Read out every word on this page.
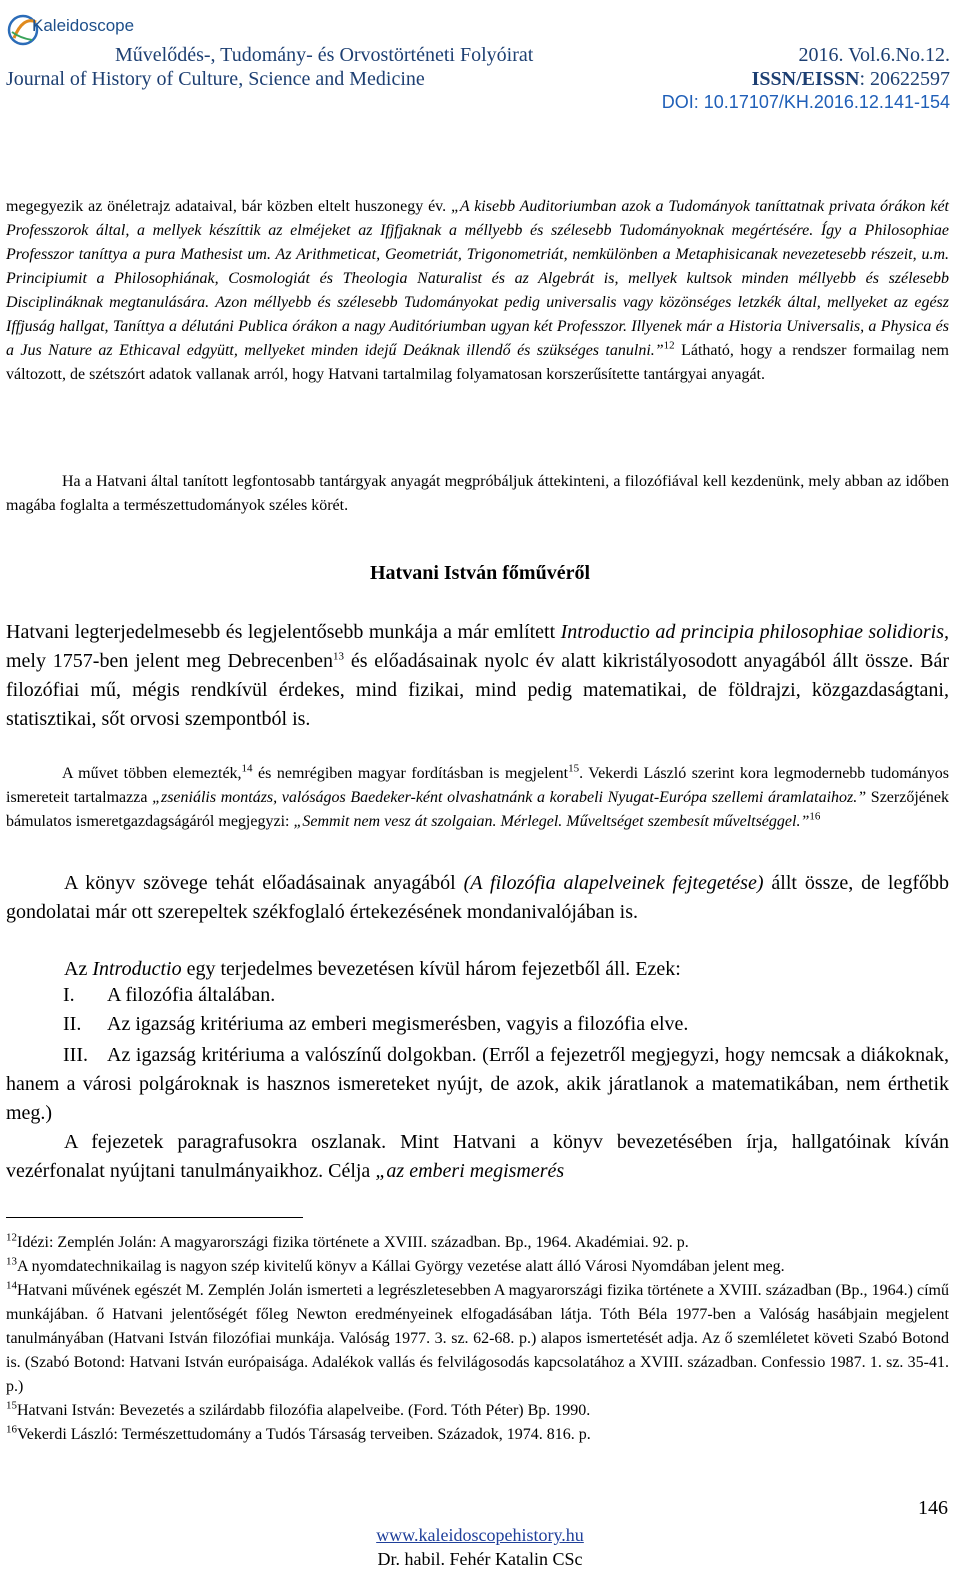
Kaleidoscope
Művelődés-, Tudomány- és Orvostörténeti Folyóirat
Journal of History of Culture, Science and Medicine
2016. Vol.6.No.12.
ISSN/EISSN: 20622597
DOI: 10.17107/KH.2016.12.141-154
megegyezik az önéletrajz adataival, bár közben eltelt huszonegy év. „A kisebb Auditoriumban azok a Tudományok taníttatnak privata órákon két Professzorok által, a mellyek készíttik az elméjeket az Ifjfjaknak a méllyebb és szélesebb Tudományoknak megértésére. Így a Philosophiae Professzor taníttya a pura Mathesist um. Az Arithmeticat, Geometriát, Trigonometriát, nemkülönben a Metaphisicanak nevezetesebb részeit, u.m. Principiumit a Philosophiának, Cosmologiát és Theologia Naturalist és az Algebrát is, mellyek kultsok minden méllyebb és szélesebb Disciplináknak megtanulására. Azon méllyebb és szélesebb Tudományokat pedig universalis vagy közönséges letzkék által, mellyeket az egész Iffjuság hallgat, Taníttya a délutáni Publica órákon a nagy Auditóriumban ugyan két Professzor. Illyenek már a Historia Universalis, a Physica és a Jus Nature az Ethicaval edgyütt, mellyeket minden idejű Deáknak illendő és szükséges tanulni.”$^{12}$ Látható, hogy a rendszer formailag nem változott, de szétszórt adatok vallanak arról, hogy Hatvani tartalmilag folyamatosan korszerűsítette tantárgyai anyagát.
Ha a Hatvani által tanított legfontosabb tantárgyak anyagát megpróbáljuk áttekinteni, a filozófiával kell kezdenünk, mely abban az időben magába foglalta a természettudományok széles körét.
Hatvani István főművéről
Hatvani legterjedelmesebb és legjelentősebb munkája a már említett Introductio ad principia philosophiae solidioris, mely 1757-ben jelent meg Debrecenben$^{13}$ és előadásainak nyolc év alatt kikristályosodott anyagából állt össze. Bár filozófiai mű, mégis rendkívül érdekes, mind fizikai, mind pedig matematikai, de földrajzi, közgazdaságtani, statisztikai, sőt orvosi szempontból is.
A művet többen elemezték,$^{14}$ és nemrégiben magyar fordításban is megjelent$^{15}$. Vekerdi László szerint kora legmodernebb tudományos ismereteit tartalmazza „zseniális montázs, valóságos Baedeker-ként olvashatnánk a korabeli Nyugat-Európa szellemi áramlataihoz.” Szerzőjének bámulatos ismeretgazdagságáról megjegyzi: „Semmit nem vesz át szolgaian. Mérlegel. Műveltséget szembesít műveltséggel.”$^{16}$
A könyv szövege tehát előadásainak anyagából (A filozófia alapelveinek fejtegetése) állt össze, de legfőbb gondolatai már ott szerepeltek székfoglaló értekezésének mondanivalójában is.
Az Introductio egy terjedelmes bevezetésen kívül három fejezetből áll. Ezek:
I. A filozófia általában.
II. Az igazság kritériuma az emberi megismerésben, vagyis a filozófia elve.
III. Az igazság kritériuma a valószínű dolgokban. (Erről a fejezetről megjegyzi, hogy nemcsak a diákoknak, hanem a városi polgároknak is hasznos ismereteket nyújt, de azok, akik járatlanok a matematikában, nem érthetik meg.)
A fejezetek paragrafusokra oszlanak. Mint Hatvani a könyv bevezetésében írja, hallgatóinak kíván vezérfonalat nyújtani tanulmányaikhoz. Célja „az emberi megismerés

$^{12}$Idézi: Zemplén Jolán: A magyarországi fizika története a XVIII. században. Bp., 1964. Akadémiai. 92. p.

$^{13}$A nyomdatechnikailag is nagyon szép kivitelű könyv a Kállai György vezetése alatt álló Városi Nyomdában jelent meg.

$^{14}$Hatvani művének egészét M. Zemplén Jolán ismerteti a legrészletesebben A magyarországi fizika története a XVIII. században (Bp., 1964.) című munkájában. ő Hatvani jelentőségét főleg Newton eredményeinek elfogadásában látja. Tóth Béla 1977-ben a Valóság hasábjain megjelent tanulmányában (Hatvani István filozófiai munkája. Valóság 1977. 3. sz. 62-68. p.) alapos ismertetését adja. Az ő szemléletet követi Szabó Botond is. (Szabó Botond: Hatvani István európaisága. Adalékok vallás és felvilágosodás kapcsolatához a XVIII. században. Confessio 1987. 1. sz. 35-41. p.)

$^{15}$Hatvani István: Bevezetés a szilárdabb filozófia alapelveibe. (Ford. Tóth Péter) Bp. 1990.

$^{16}$Vekerdi László: Természettudomány a Tudós Társaság terveiben. Századok, 1974. 816. p.

146
www.kaleidoscopehistory.hu
Dr. habil. Fehér Katalin CSc
